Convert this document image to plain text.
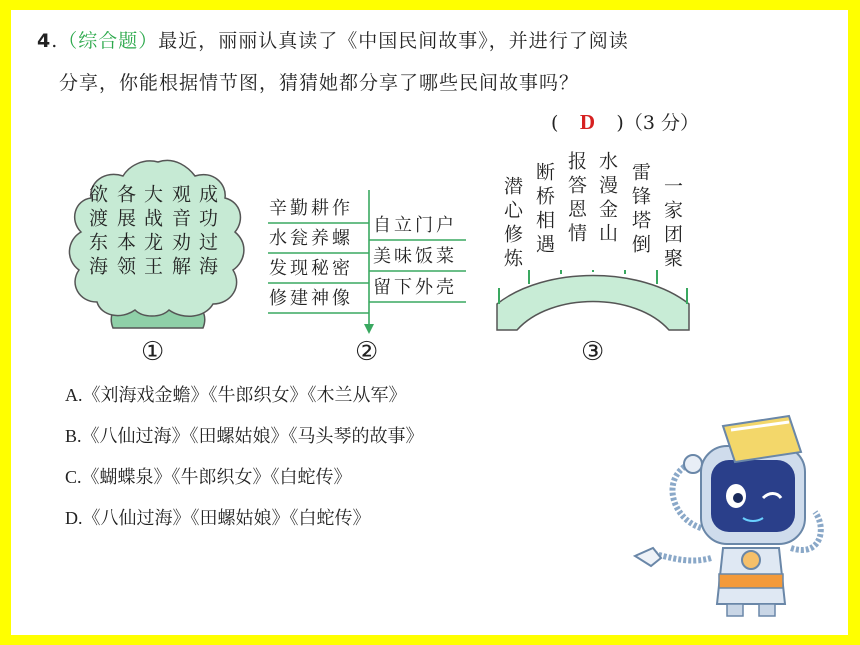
4.（综合题）最近，丽丽认真读了《中国民间故事》，并进行了阅读
分享，你能根据情节图，猜猜她都分享了哪些民间故事吗？
( D )（3 分）
成功过海
观音劝解
大战龙王
各展本领
欲渡东海
①
辛勤耕作
水瓮养螺
发现秘密
修建神像
自立门户
美味饭菜
留下外壳
②
一家团聚
雷锋塔倒
水漫金山
报答恩情
断桥相遇
潜心修炼
③
A.《刘海戏金蟾》《牛郎织女》《木兰从军》
B.《八仙过海》《田螺姑娘》《马头琴的故事》
C.《蝴蝶泉》《牛郎织女》《白蛇传》
D.《八仙过海》《田螺姑娘》《白蛇传》
